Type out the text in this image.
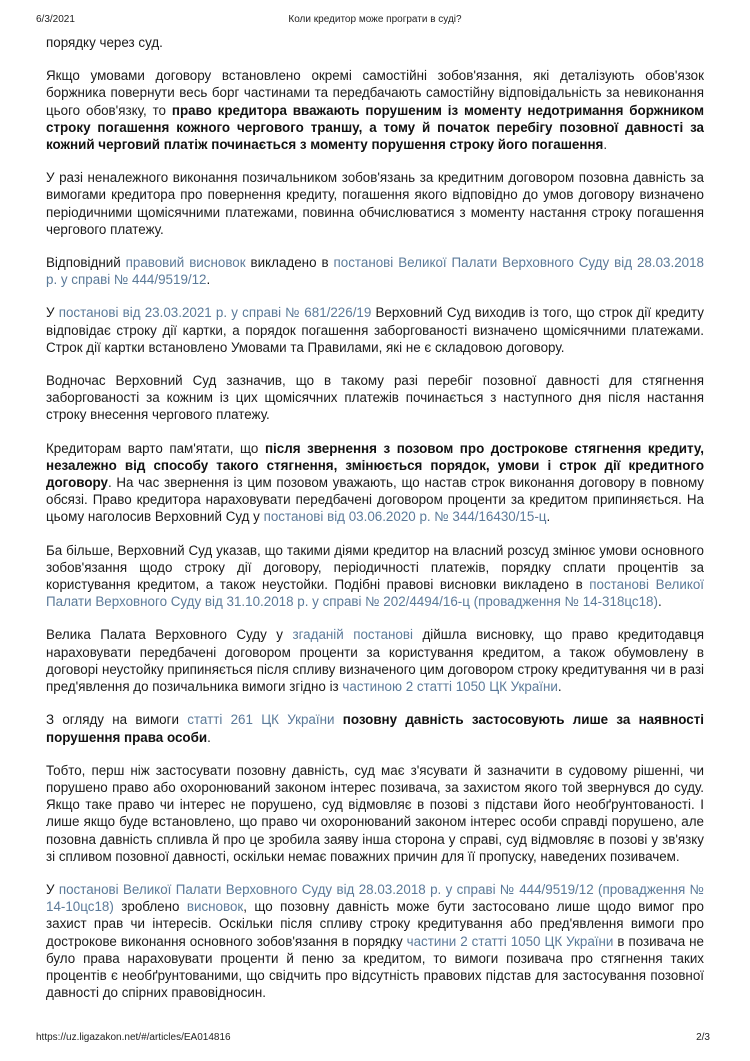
6/3/2021	Коли кредитор може програти в суді?

порядку через суд.

Якщо умовами договору встановлено окремі самостійні зобов'язання, які деталізують обов'язок боржника повернути весь борг частинами та передбачають самостійну відповідальність за невиконання цього обов'язку, то право кредитора вважають порушеним із моменту недотримання боржником строку погашення кожного чергового траншу, а тому й початок перебігу позовної давності за кожний черговий платіж починається з моменту порушення строку його погашення.

У разі неналежного виконання позичальником зобов'язань за кредитним договором позовна давність за вимогами кредитора про повернення кредиту, погашення якого відповідно до умов договору визначено періодичними щомісячними платежами, повинна обчислюватися з моменту настання строку погашення чергового платежу.

Відповідний правовий висновок викладено в постанові Великої Палати Верховного Суду від 28.03.2018 р. у справі № 444/9519/12.

У постанові від 23.03.2021 р. у справі № 681/226/19 Верховний Суд виходив із того, що строк дії кредиту відповідає строку дії картки, а порядок погашення заборгованості визначено щомісячними платежами. Строк дії картки встановлено Умовами та Правилами, які не є складовою договору.

Водночас Верховний Суд зазначив, що в такому разі перебіг позовної давності для стягнення заборгованості за кожним із цих щомісячних платежів починається з наступного дня після настання строку внесення чергового платежу.

Кредиторам варто пам'ятати, що після звернення з позовом про дострокове стягнення кредиту, незалежно від способу такого стягнення, змінюється порядок, умови і строк дії кредитного договору. На час звернення із цим позовом уважають, що настав строк виконання договору в повному обсязі. Право кредитора нараховувати передбачені договором проценти за кредитом припиняється. На цьому наголосив Верховний Суд у постанові від 03.06.2020 р. № 344/16430/15-ц.

Ба більше, Верховний Суд указав, що такими діями кредитор на власний розсуд змінює умови основного зобов'язання щодо строку дії договору, періодичності платежів, порядку сплати процентів за користування кредитом, а також неустойки. Подібні правові висновки викладено в постанові Великої Палати Верховного Суду від 31.10.2018 р. у справі № 202/4494/16-ц (провадження № 14-318цс18).

Велика Палата Верховного Суду у згаданій постанові дійшла висновку, що право кредитодавця нараховувати передбачені договором проценти за користування кредитом, а також обумовлену в договорі неустойку припиняється після спливу визначеного цим договором строку кредитування чи в разі пред'явлення до позичальника вимоги згідно із частиною 2 статті 1050 ЦК України.

З огляду на вимоги статті 261 ЦК України позовну давність застосовують лише за наявності порушення права особи.

Тобто, перш ніж застосувати позовну давність, суд має з'ясувати й зазначити в судовому рішенні, чи порушено право або охоронюваний законом інтерес позивача, за захистом якого той звернувся до суду. Якщо таке право чи інтерес не порушено, суд відмовляє в позові з підстави його необґрунтованості. І лише якщо буде встановлено, що право чи охоронюваний законом інтерес особи справді порушено, але позовна давність спливла й про це зробила заяву інша сторона у справі, суд відмовляє в позові у зв'язку зі спливом позовної давності, оскільки немає поважних причин для її пропуску, наведених позивачем.

У постанові Великої Палати Верховного Суду від 28.03.2018 р. у справі № 444/9519/12 (провадження № 14-10цс18) зроблено висновок, що позовну давність може бути застосовано лише щодо вимог про захист прав чи інтересів. Оскільки після спливу строку кредитування або пред'явлення вимоги про дострокове виконання основного зобов'язання в порядку частини 2 статті 1050 ЦК України в позивача не було права нараховувати проценти й пеню за кредитом, то вимоги позивача про стягнення таких процентів є необґрунтованими, що свідчить про відсутність правових підстав для застосування позовної давності до спірних правовідносин.

https://uz.ligazakon.net/#/articles/EA014816	2/3
